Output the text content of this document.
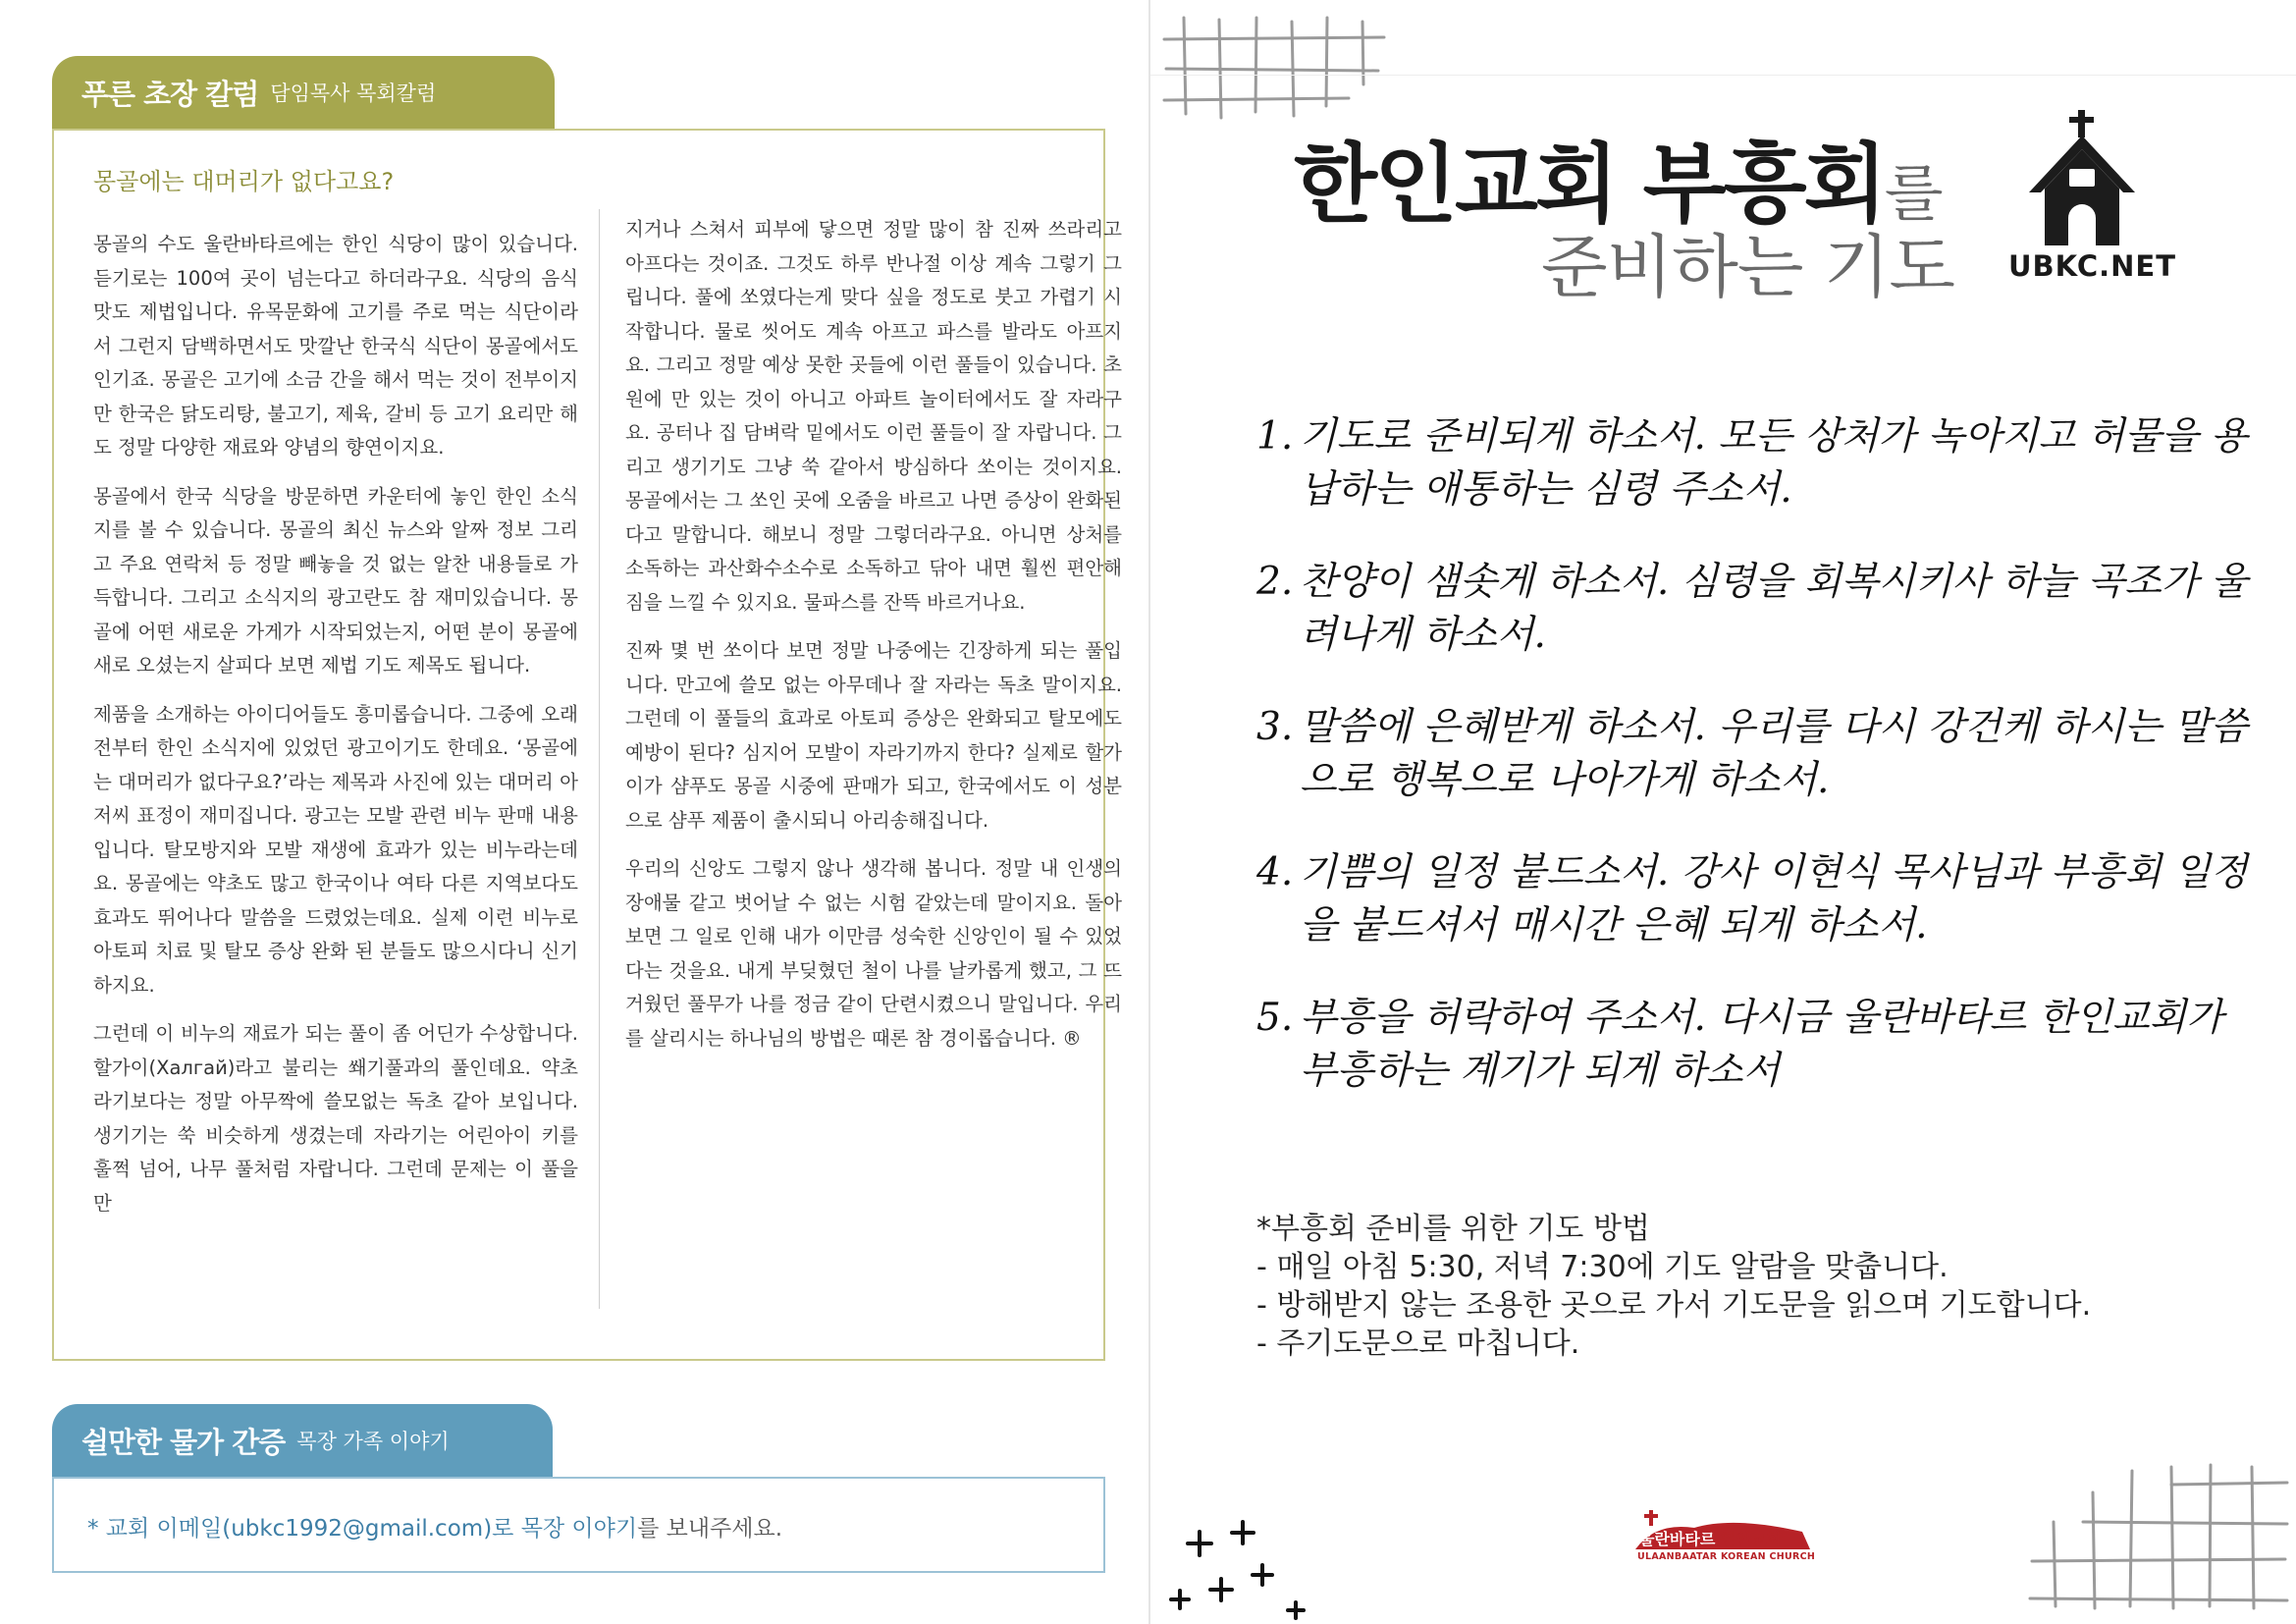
푸른 초장 칼럼 담임목사 목회칼럼
몽골에는 대머리가 없다고요?

몽골의 수도 울란바타르에는 한인 식당이 많이 있습니다. 듣기로는 100여 곳이 넘는다고 하더라구요. 식당의 음식 맛도 제법입니다. 유목문화에 고기를 주로 먹는 식단이라서 그런지 담백하면서도 맛깔난 한국식 식단이 몽골에서도 인기죠. 몽골은 고기에 소금 간을 해서 먹는 것이 전부이지만 한국은 닭도리탕, 불고기, 제육, 갈비 등 고기 요리만 해도 정말 다양한 재료와 양념의 향연이지요.

몽골에서 한국 식당을 방문하면 카운터에 놓인 한인 소식지를 볼 수 있습니다. 몽골의 최신 뉴스와 알짜 정보 그리고 주요 연락처 등 정말 빼놓을 것 없는 알찬 내용들로 가득합니다. 그리고 소식지의 광고란도 참 재미있습니다. 몽골에 어떤 새로운 가게가 시작되었는지, 어떤 분이 몽골에 새로 오셨는지 살피다 보면 제법 기도 제목도 됩니다.

제품을 소개하는 아이디어들도 흥미롭습니다. 그중에 오래 전부터 한인 소식지에 있었던 광고이기도 한데요. ‘몽골에는 대머리가 없다구요?’라는 제목과 사진에 있는 대머리 아저씨 표정이 재미집니다. 광고는 모발 관련 비누 판매 내용입니다. 탈모방지와 모발 재생에 효과가 있는 비누라는데요. 몽골에는 약초도 많고 한국이나 여타 다른 지역보다도 효과도 뛰어나다 말씀을 드렸었는데요. 실제 이런 비누로 아토피 치료 및 탈모 증상 완화 된 분들도 많으시다니 신기하지요.

그런데 이 비누의 재료가 되는 풀이 좀 어딘가 수상합니다. 할가이(Халгай)라고 불리는 쐐기풀과의 풀인데요. 약초라기보다는 정말 아무짝에 쓸모없는 독초 같아 보입니다. 생기기는 쑥 비슷하게 생겼는데 자라기는 어린아이 키를 훌쩍 넘어, 나무 풀처럼 자랍니다. 그런데 문제는 이 풀을 만

지거나 스쳐서 피부에 닿으면 정말 많이 참 진짜 쓰라리고 아프다는 것이죠. 그것도 하루 반나절 이상 계속 그렇기 그립니다. 풀에 쏘였다는게 맞다 싶을 정도로 붓고 가렵기 시작합니다. 물로 씻어도 계속 아프고 파스를 발라도 아프지요. 그리고 정말 예상 못한 곳들에 이런 풀들이 있습니다. 초원에 만 있는 것이 아니고 아파트 놀이터에서도 잘 자라구요. 공터나 집 담벼락 밑에서도 이런 풀들이 잘 자랍니다. 그리고 생기기도 그냥 쑥 같아서 방심하다 쏘이는 것이지요. 몽골에서는 그 쏘인 곳에 오줌을 바르고 나면 증상이 완화된다고 말합니다. 해보니 정말 그렇더라구요. 아니면 상처를 소독하는 과산화수소수로 소독하고 닦아 내면 훨씬 편안해 짐을 느낄 수 있지요. 물파스를 잔뜩 바르거나요.

진짜 몇 번 쏘이다 보면 정말 나중에는 긴장하게 되는 풀입니다. 만고에 쓸모 없는 아무데나 잘 자라는 독초 말이지요. 그런데 이 풀들의 효과로 아토피 증상은 완화되고 탈모에도 예방이 된다? 심지어 모발이 자라기까지 한다? 실제로 할가이가 샴푸도 몽골 시중에 판매가 되고, 한국에서도 이 성분으로 샴푸 제품이 출시되니 아리송해집니다.

우리의 신앙도 그렇지 않나 생각해 봅니다. 정말 내 인생의 장애물 같고 벗어날 수 없는 시험 같았는데 말이지요. 돌아보면 그 일로 인해 내가 이만큼 성숙한 신앙인이 될 수 있었다는 것을요. 내게 부딪혔던 철이 나를 날카롭게 했고, 그 뜨거웠던 풀무가 나를 정금 같이 단련시켰으니 말입니다. 우리를 살리시는 하나님의 방법은 때론 참 경이롭습니다. ®

쉴만한 물가 간증 목장 가족 이야기
* 교회 이메일(ubkc1992@gmail.com)로 목장 이야기를 보내주세요.
한인교회 부흥회를
준비하는 기도 UBKC.NET
1. 기도로 준비되게 하소서. 모든 상처가 녹아지고 허물을 용납하는 애통하는 심령 주소서.
2. 찬양이 샘솟게 하소서. 심령을 회복시키사 하늘 곡조가 울려나게 하소서.
3. 말씀에 은혜받게 하소서. 우리를 다시 강건케 하시는 말씀으로 행복으로 나아가게 하소서.
4. 기쁨의 일정 붙드소서. 강사 이현식 목사님과 부흥회 일정을 붙드셔서 매시간 은혜 되게 하소서.
5. 부흥을 허락하여 주소서. 다시금 울란바타르 한인교회가 부흥하는 계기가 되게 하소서
*부흥회 준비를 위한 기도 방법
- 매일 아침 5:30, 저녁 7:30에 기도 알람을 맞춥니다.
- 방해받지 않는 조용한 곳으로 가서 기도문을 읽으며 기도합니다.
- 주기도문으로 마칩니다.
울란바타르 한인교회
ULAANBAATAR KOREAN CHURCH
